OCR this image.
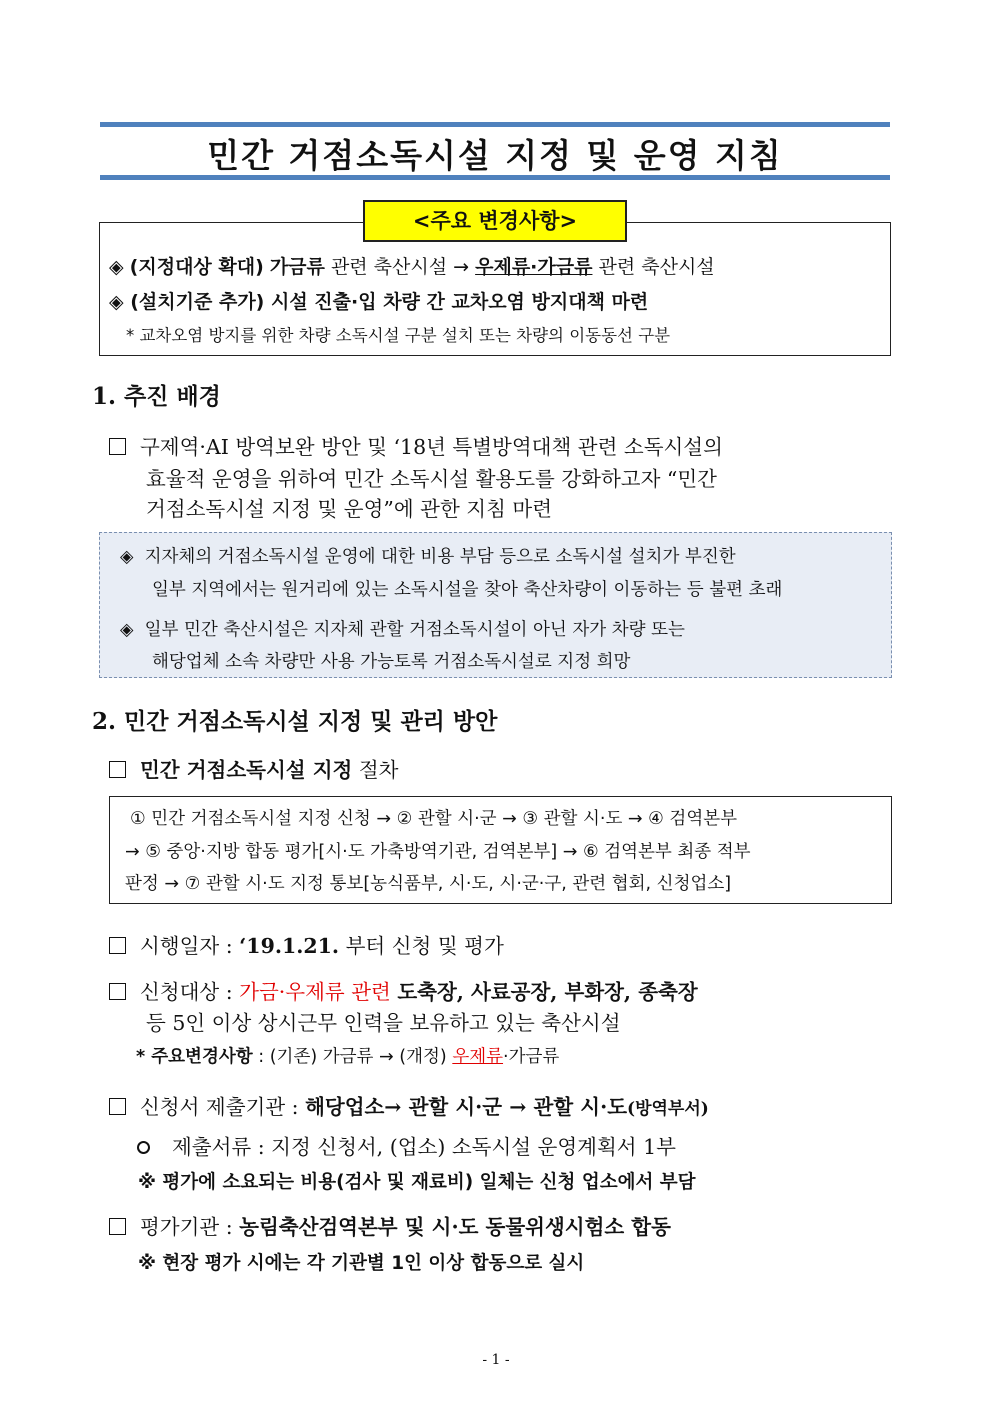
민간 거점소독시설 지정 및 운영 지침
<주요 변경사항>
◈ (지정대상 확대) 가금류 관련 축산시설 → 우제류·가금류 관련 축산시설
◈ (설치기준 추가) 시설 진출·입 차량 간 교차오염 방지대책 마련
* 교차오염 방지를 위한 차량 소독시설 구분 설치 또는 차량의 이동동선 구분
1. 추진 배경
구제역·AI 방역보완 방안 및 ‘18년 특별방역대책 관련 소독시설의
효율적 운영을 위하여 민간 소독시설 활용도를 강화하고자 “민간
거점소독시설 지정 및 운영”에 관한 지침 마련
◈ 지자체의 거점소독시설 운영에 대한 비용 부담 등으로 소독시설 설치가 부진한
일부 지역에서는 원거리에 있는 소독시설을 찾아 축산차량이 이동하는 등 불편 초래
◈ 일부 민간 축산시설은 지자체 관할 거점소독시설이 아닌 자가 차량 또는
해당업체 소속 차량만 사용 가능토록 거점소독시설로 지정 희망
2. 민간 거점소독시설 지정 및 관리 방안
민간 거점소독시설 지정 절차
① 민간 거점소독시설 지정 신청 → ② 관할 시·군 → ③ 관할 시·도 → ④ 검역본부
→ ⑤ 중앙·지방 합동 평가[시·도 가축방역기관, 검역본부] → ⑥ 검역본부 최종 적부
판정 → ⑦ 관할 시·도 지정 통보[농식품부, 시·도, 시·군·구, 관련 협회, 신청업소]
시행일자 : ‘19.1.21. 부터 신청 및 평가
신청대상 : 가금·우제류 관련 도축장, 사료공장, 부화장, 종축장
등 5인 이상 상시근무 인력을 보유하고 있는 축산시설
* 주요변경사항 : (기존) 가금류 → (개정) 우제류·가금류
신청서 제출기관 : 해당업소→ 관할 시·군 → 관할 시·도(방역부서)
제출서류 : 지정 신청서, (업소) 소독시설 운영계획서 1부
※ 평가에 소요되는 비용(검사 및 재료비) 일체는 신청 업소에서 부담
평가기관 : 농림축산검역본부 및 시·도 동물위생시험소 합동
※ 현장 평가 시에는 각 기관별 1인 이상 합동으로 실시
- 1 -
